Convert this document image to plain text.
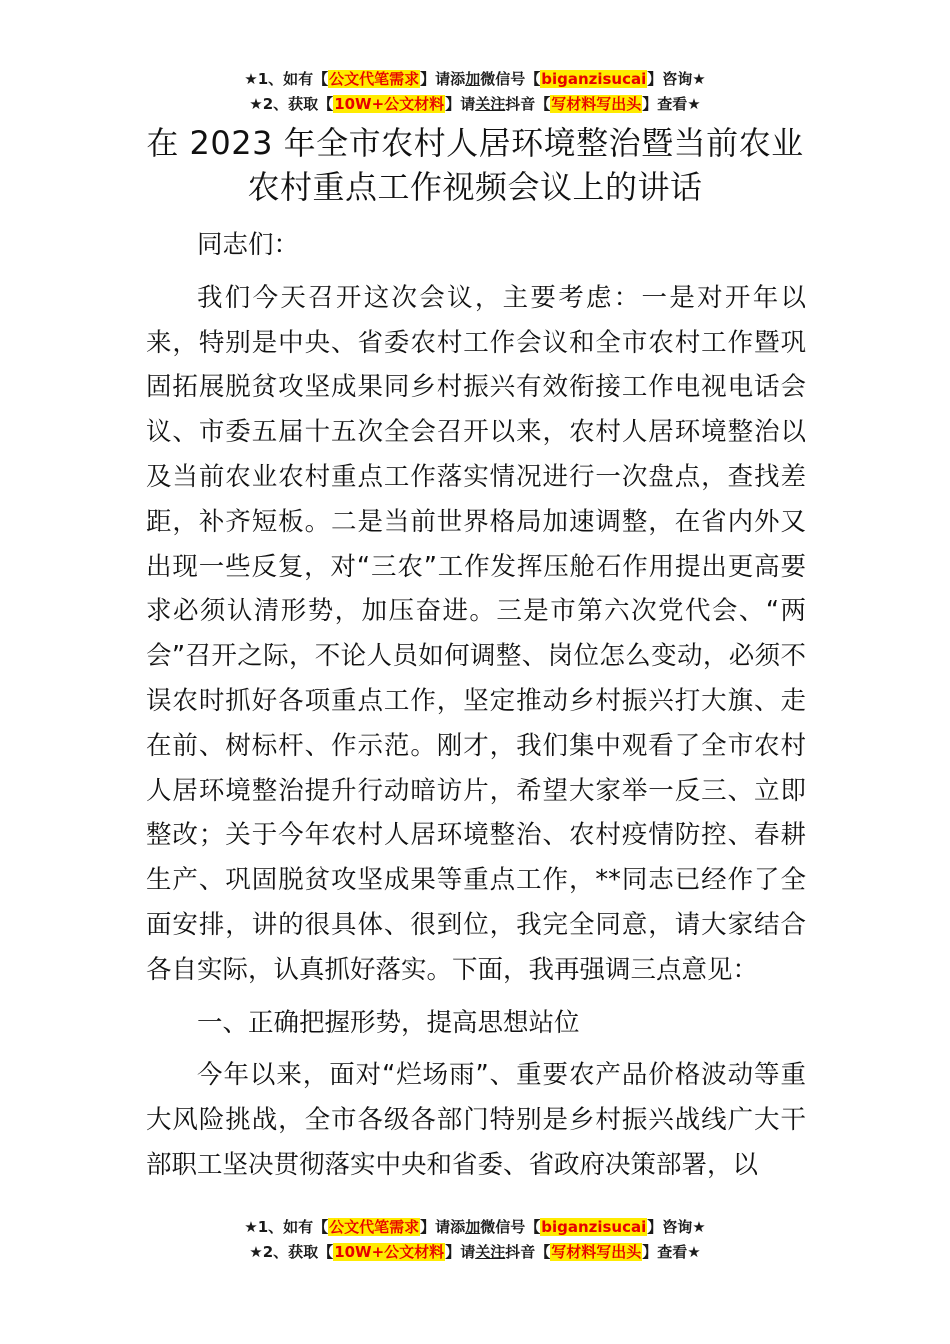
★1、如有【公文代笔需求】请添加微信号【biganzisucai】咨询★
★2、获取【10W+公文材料】请关注抖音【写材料写出头】查看★
在 2023 年全市农村人居环境整治暨当前农业
农村重点工作视频会议上的讲话

同志们：

我们今天召开这次会议，主要考虑：一是对开年以来，特别是中央、省委农村工作会议和全市农村工作暨巩固拓展脱贫攻坚成果同乡村振兴有效衔接工作电视电话会议、市委五届十五次全会召开以来，农村人居环境整治以及当前农业农村重点工作落实情况进行一次盘点，查找差距，补齐短板。二是当前世界格局加速调整，在省内外又出现一些反复，对“三农”工作发挥压舱石作用提出更高要求必须认清形势，加压奋进。三是市第六次党代会、“两会”召开之际，不论人员如何调整、岗位怎么变动，必须不误农时抓好各项重点工作，坚定推动乡村振兴打大旗、走在前、树标杆、作示范。刚才，我们集中观看了全市农村人居环境整治提升行动暗访片，希望大家举一反三、立即整改；关于今年农村人居环境整治、农村疫情防控、春耕生产、巩固脱贫攻坚成果等重点工作，**同志已经作了全面安排，讲的很具体、很到位，我完全同意，请大家结合各自实际，认真抓好落实。下面，我再强调三点意见：

一、正确把握形势，提高思想站位

今年以来，面对“烂场雨”、重要农产品价格波动等重大风险挑战，全市各级各部门特别是乡村振兴战线广大干部职工坚决贯彻落实中央和省委、省政府决策部署，以

★1、如有【公文代笔需求】请添加微信号【biganzisucai】咨询★
★2、获取【10W+公文材料】请关注抖音【写材料写出头】查看★
